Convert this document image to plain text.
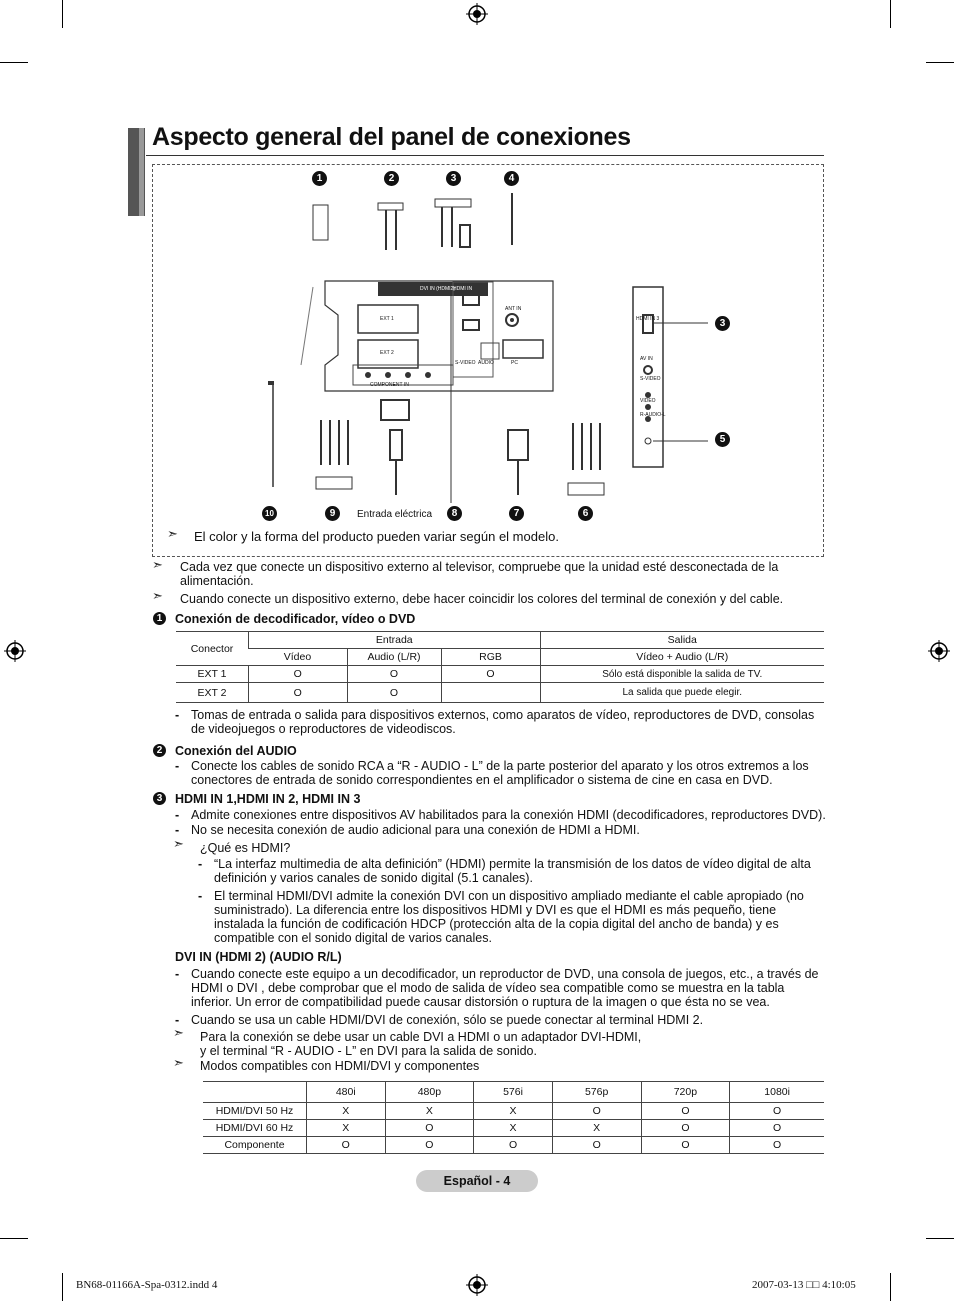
Aspecto general del panel de conexiones
1	2	3	4
3
5
10	9	8	7	6
Entrada eléctrica
HDMI IN
DVI IN (HDMI2)
ANT IN
EXT 1
EXT 2
COMPONENT IN
S-VIDEO AUDIO	PC
HDMI IN 3
AV IN
S-VIDEO
VIDEO
R-AUDIO-L
➣ El color y la forma del producto pueden variar según el modelo.
➣ Cada vez que conecte un dispositivo externo al televisor, compruebe que la unidad esté desconectada de la alimentación.
➣ Cuando conecte un dispositivo externo, debe hacer coincidir los colores del terminal de conexión y del cable.
1 Conexión de decodificador, vídeo o DVD
Conector	Entrada			Salida
	Vídeo	Audio (L/R)	RGB	Vídeo + Audio (L/R)
EXT 1	O	O	O	Sólo está disponible la salida de TV.
EXT 2	O	O		La salida que puede elegir.
- Tomas de entrada o salida para dispositivos externos, como aparatos de vídeo, reproductores de DVD, consolas de videojuegos o reproductores de videodiscos.
2 Conexión del AUDIO
- Conecte los cables de sonido RCA a “R - AUDIO - L” de la parte posterior del aparato y los otros extremos a los conectores de entrada de sonido correspondientes en el amplificador o sistema de cine en casa en DVD.
3 HDMI IN 1,HDMI IN 2, HDMI IN 3
- Admite conexiones entre dispositivos AV habilitados para la conexión HDMI (decodificadores, reproductores DVD).
- No se necesita conexión de audio adicional para una conexión de HDMI a HDMI.
➣ ¿Qué es HDMI?
- “La interfaz multimedia de alta definición” (HDMI) permite la transmisión de los datos de vídeo digital de alta definición y varios canales de sonido digital (5.1 canales).
- El terminal HDMI/DVI admite la conexión DVI con un dispositivo ampliado mediante el cable apropiado (no suministrado). La diferencia entre los dispositivos HDMI y DVI es que el HDMI es más pequeño, tiene instalada la función de codificación HDCP (protección alta de la copia digital del ancho de banda) y es compatible con el sonido digital de varios canales.
DVI IN (HDMI 2) (AUDIO R/L)
- Cuando conecte este equipo a un decodificador, un reproductor de DVD, una consola de juegos, etc., a través de HDMI o DVI , debe comprobar que el modo de salida de vídeo sea compatible como se muestra en la tabla inferior. Un error de compatibilidad puede causar distorsión o ruptura de la imagen o que ésta no se vea.
- Cuando se usa un cable HDMI/DVI de conexión, sólo se puede conectar al terminal HDMI 2.
➣ Para la conexión se debe usar un cable DVI a HDMI o un adaptador DVI-HDMI,
y el terminal “R - AUDIO - L” en DVI para la salida de sonido.
➣ Modos compatibles con HDMI/DVI y componentes
	480i	480p	576i	576p	720p	1080i
HDMI/DVI 50 Hz	X	X	X	O	O	O
HDMI/DVI 60 Hz	X	O	X	X	O	O
Componente	O	O	O	O	O	O
Español - 4
BN68-01166A-Spa-0312.indd 4	2007-03-13 □□ 4:10:05
